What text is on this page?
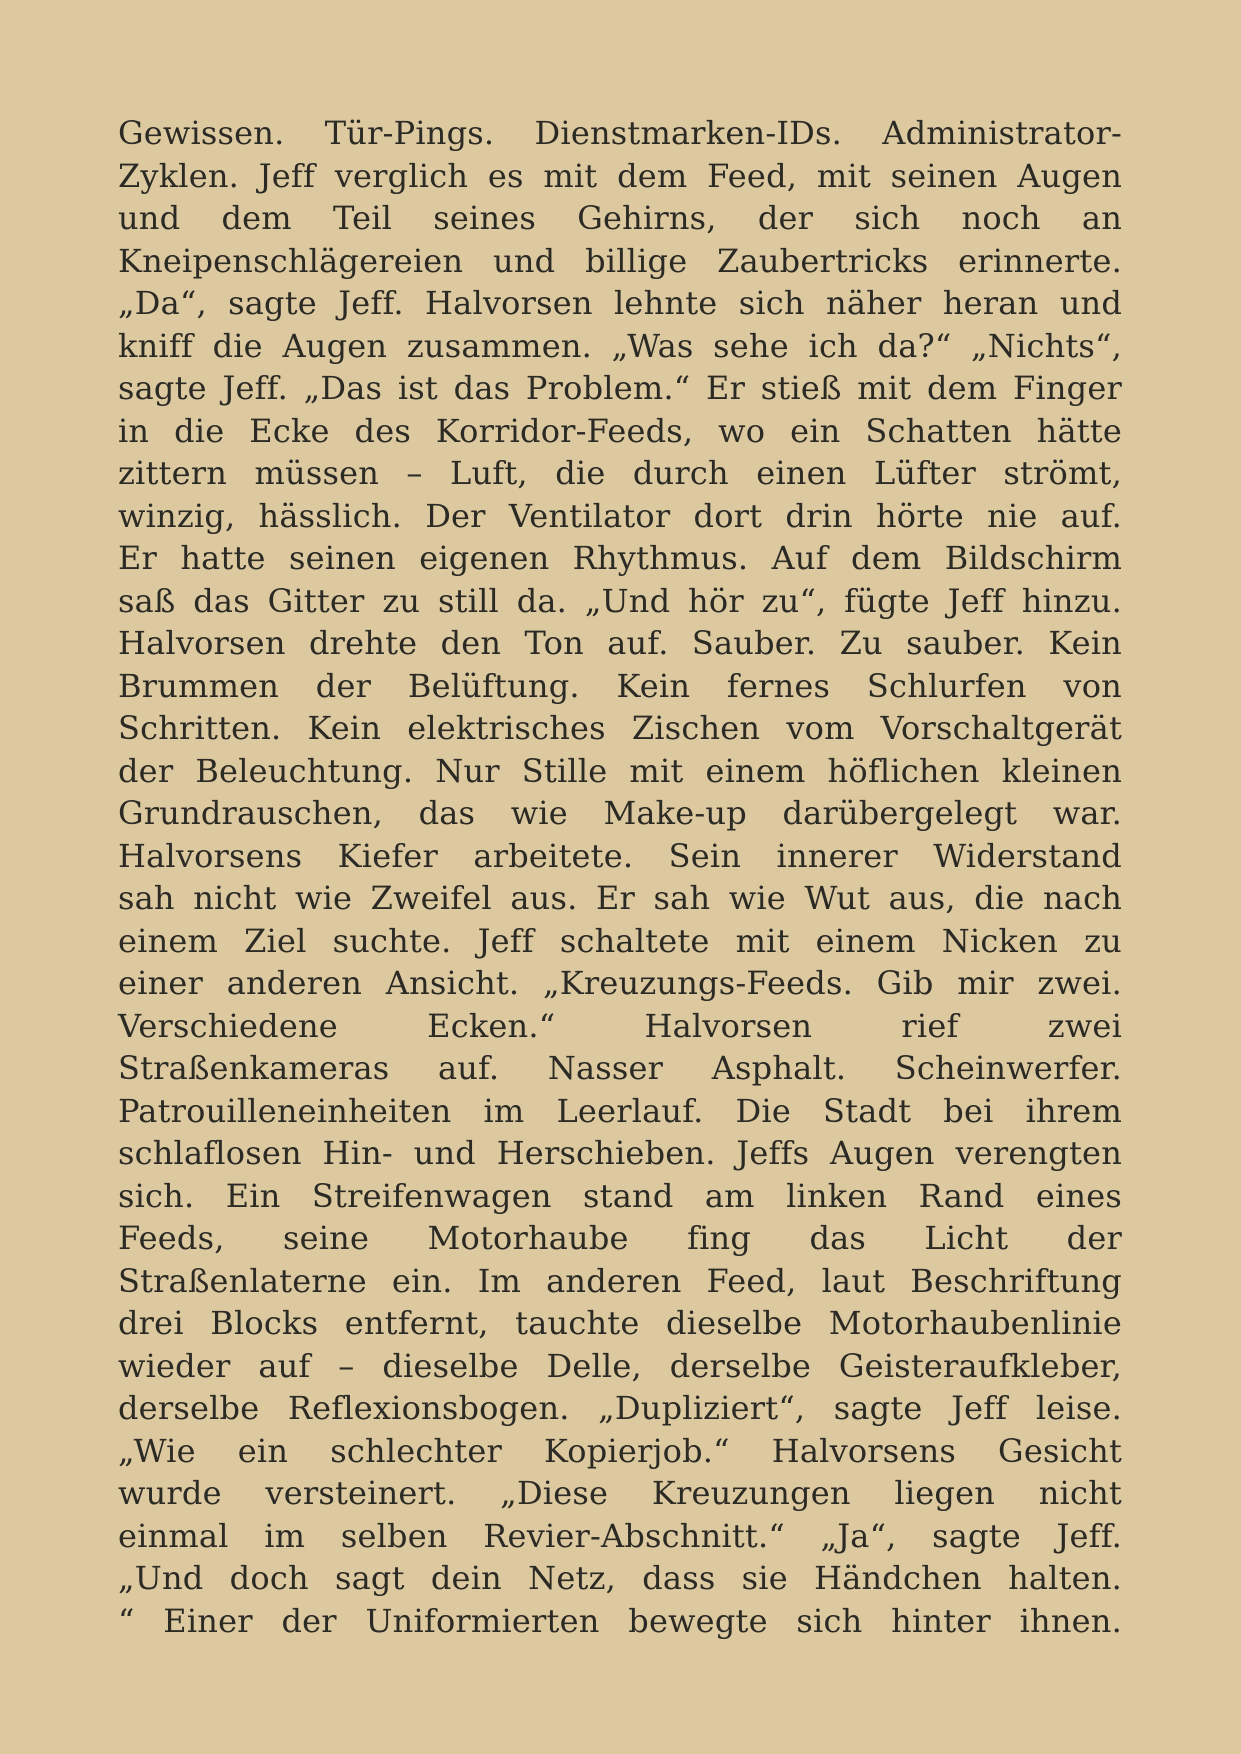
Gewissen. Tür-Pings. Dienstmarken-IDs. Administrator-
Zyklen. Jeff verglich es mit dem Feed, mit seinen Augen
und dem Teil seines Gehirns, der sich noch an
Kneipenschlägereien und billige Zaubertricks erinnerte.
„Da“, sagte Jeff. Halvorsen lehnte sich näher heran und
kniff die Augen zusammen. „Was sehe ich da?“ „Nichts“,
sagte Jeff. „Das ist das Problem.“ Er stieß mit dem Finger
in die Ecke des Korridor-Feeds, wo ein Schatten hätte
zittern müssen – Luft, die durch einen Lüfter strömt,
winzig, hässlich. Der Ventilator dort drin hörte nie auf.
Er hatte seinen eigenen Rhythmus. Auf dem Bildschirm
saß das Gitter zu still da. „Und hör zu“, fügte Jeff hinzu.
Halvorsen drehte den Ton auf. Sauber. Zu sauber. Kein
Brummen der Belüftung. Kein fernes Schlurfen von
Schritten. Kein elektrisches Zischen vom Vorschaltgerät
der Beleuchtung. Nur Stille mit einem höflichen kleinen
Grundrauschen, das wie Make-up darübergelegt war.
Halvorsens Kiefer arbeitete. Sein innerer Widerstand
sah nicht wie Zweifel aus. Er sah wie Wut aus, die nach
einem Ziel suchte. Jeff schaltete mit einem Nicken zu
einer anderen Ansicht. „Kreuzungs-Feeds. Gib mir zwei.
Verschiedene Ecken.“ Halvorsen rief zwei
Straßenkameras auf. Nasser Asphalt. Scheinwerfer.
Patrouilleneinheiten im Leerlauf. Die Stadt bei ihrem
schlaflosen Hin- und Herschieben. Jeffs Augen verengten
sich. Ein Streifenwagen stand am linken Rand eines
Feeds, seine Motorhaube fing das Licht der
Straßenlaterne ein. Im anderen Feed, laut Beschriftung
drei Blocks entfernt, tauchte dieselbe Motorhaubenlinie
wieder auf – dieselbe Delle, derselbe Geisteraufkleber,
derselbe Reflexionsbogen. „Dupliziert“, sagte Jeff leise.
„Wie ein schlechter Kopierjob.“ Halvorsens Gesicht
wurde versteinert. „Diese Kreuzungen liegen nicht
einmal im selben Revier-Abschnitt.“ „Ja“, sagte Jeff.
„Und doch sagt dein Netz, dass sie Händchen halten.
“ Einer der Uniformierten bewegte sich hinter ihnen.
